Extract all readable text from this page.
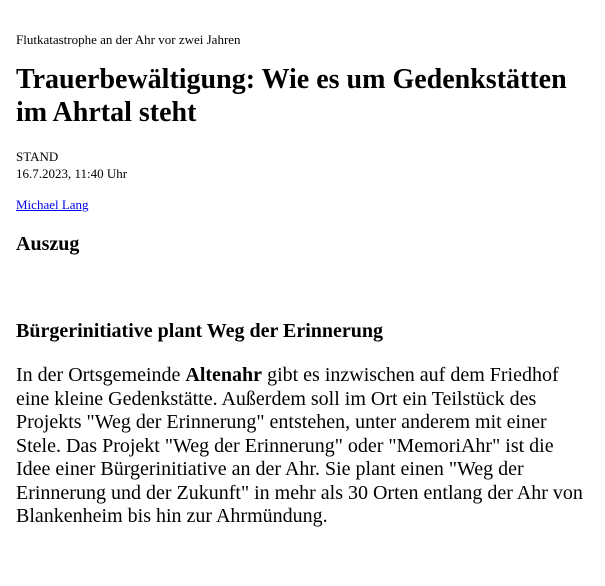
Flutkatastrophe an der Ahr vor zwei Jahren

Trauerbewältigung: Wie es um Gedenkstätten im Ahrtal steht
STAND
16.7.2023, 11:40 Uhr
Michael Lang
Auszug
Bürgerinitiative plant Weg der Erinnerung

In der Ortsgemeinde Altenahr gibt es inzwischen auf dem Friedhof eine kleine Gedenkstätte. Außerdem soll im Ort ein Teilstück des Projekts "Weg der Erinnerung" entstehen, unter anderem mit einer Stele. Das Projekt "Weg der Erinnerung" oder "MemoriAhr" ist die Idee einer Bürgerinitiative an der Ahr. Sie plant einen "Weg der Erinnerung und der Zukunft" in mehr als 30 Orten entlang der Ahr von Blankenheim bis hin zur Ahrmündung.
